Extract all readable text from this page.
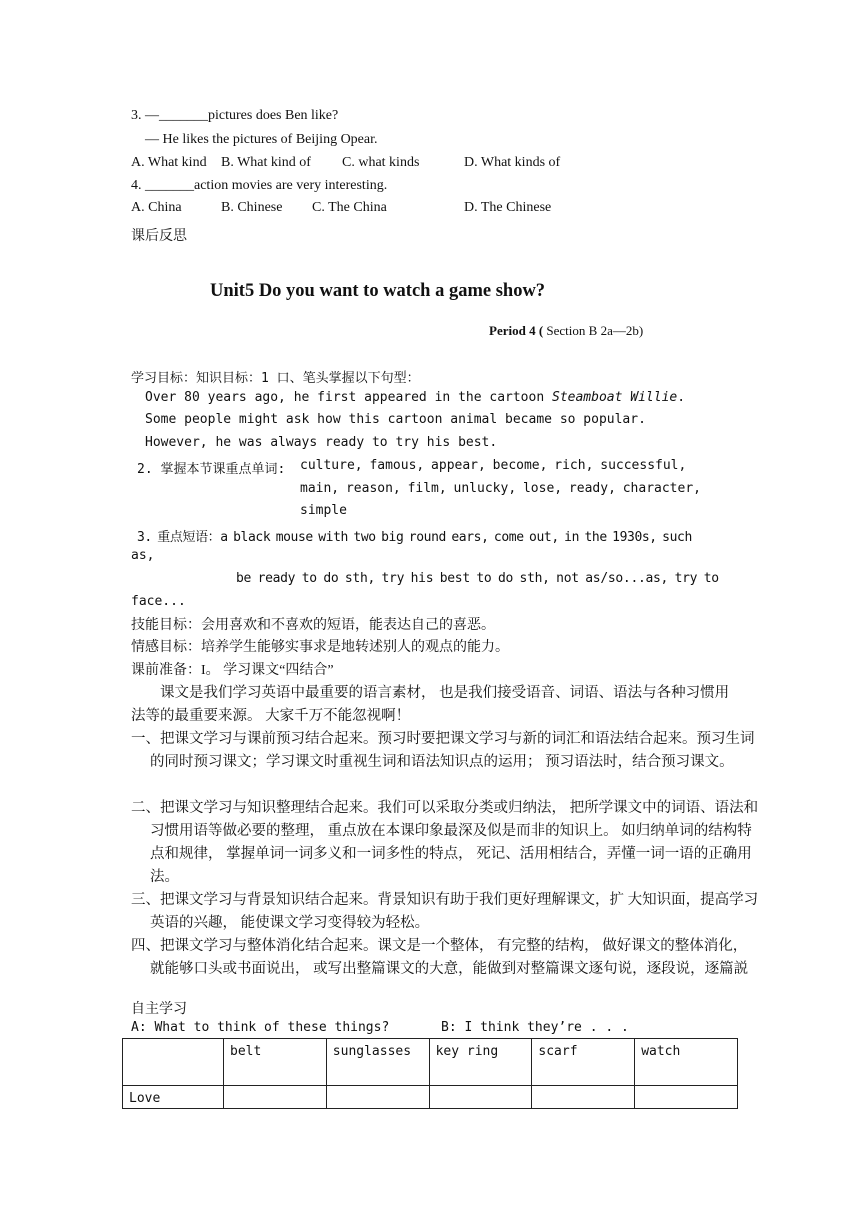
3. —_______pictures does Ben like?
— He likes the pictures of Beijing Opear.
A. What kind B. What kind of C. what kinds	D. What kinds of
4. _______action movies are very interesting.
A. China	B. Chinese C. The China	D. The Chinese
课后反思
Unit5 Do you want to watch a game show?
Period 4 ( Section B 2a—2b)
学习目标：知识目标：1 口、笔头掌握以下句型：
Over 80 years ago, he first appeared in the cartoon Steamboat Willie.
Some people might ask how this cartoon animal became so popular.
However, he was always ready to try his best.
2. 掌握本节课重点单词: culture, famous, appear, become, rich, successful,
main, reason, film, unlucky, lose, ready, character,
simple
3. 重点短语：a black mouse with two big round ears, come out, in the 1930s, such
as,
be ready to do sth, try his best to do sth, not as/so...as, try to
face...
技能目标：会用喜欢和不喜欢的短语，能表达自己的喜恶。
情感目标：培养学生能够实事求是地转述别人的观点的能力。
课前准备：I。 学习课文“四结合”
课文是我们学习英语中最重要的语言素材， 也是我们接受语音、词语、语法与各种习惯用法等的最重要来源。 大家千万不能忽视啊！
一、把课文学习与课前预习结合起来。预习时要把课文学习与新的词汇和语法结合起来。预习生词的同时预习课文；学习课文时重视生词和语法知识点的运用； 预习语法时，结合预习课文。
二、把课文学习与知识整理结合起来。我们可以采取分类或归纳法， 把所学课文中的词语、语法和习惯用语等做必要的整理， 重点放在本课印象最深及似是而非的知识上。 如归纳单词的结构特点和规律， 掌握单词一词多义和一词多性的特点， 死记、活用相结合，弄懂一词一语的正确用法。
三、把课文学习与背景知识结合起来。背景知识有助于我们更好理解课文，扩 大知识面，提高学习英语的兴趣， 能使课文学习变得较为轻松。
四、把课文学习与整体消化结合起来。课文是一个整体， 有完整的结构， 做好课文的整体消化，就能够口头或书面说出， 或写出整篇课文的大意，能做到对整篇课文逐句说，逐段说，逐篇説
自主学习
A: What to think of these things?	B: I think they’re . . .
	belt	sunglasses	key ring	scarf	watch
Love					
